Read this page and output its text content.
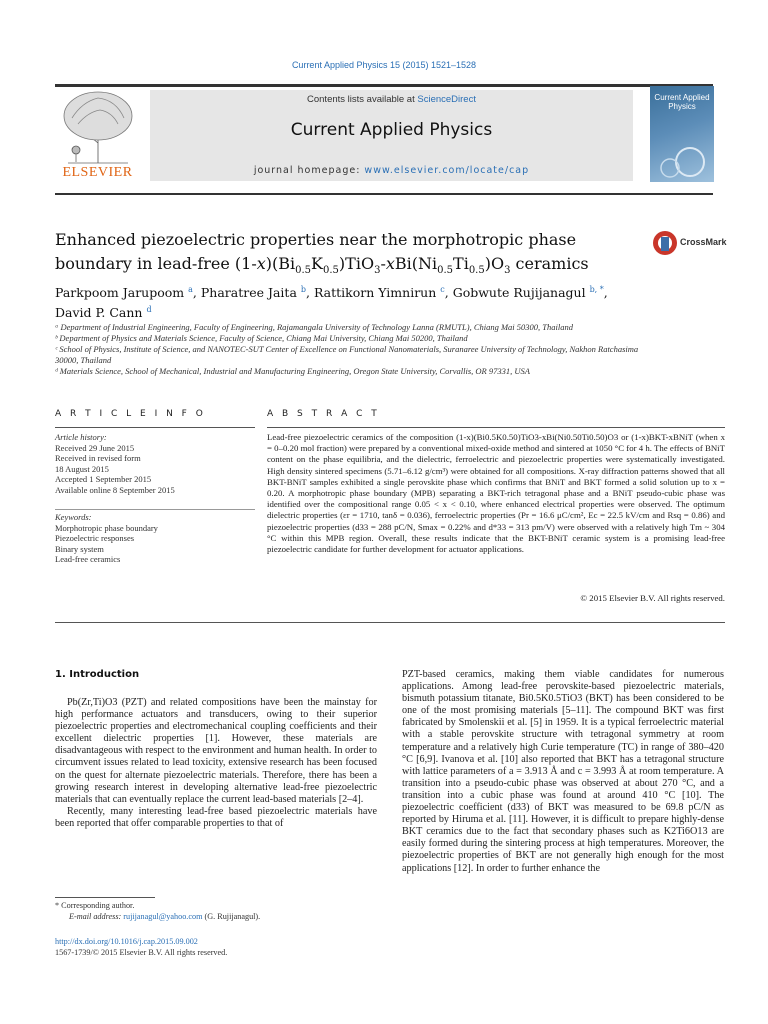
Current Applied Physics 15 (2015) 1521–1528
ELSEVIER
Contents lists available at ScienceDirect
Current Applied Physics
journal homepage: www.elsevier.com/locate/cap
Current Applied Physics
Enhanced piezoelectric properties near the morphotropic phase
boundary in lead-free $(1-x)(Bi_{0.5}K_{0.5})TiO_3-xBi(Ni_{0.5}Ti_{0.5})O_3$ ceramics
CrossMark
Parkpoom Jarupoom $^a$, Pharatree Jaita $^b$, Rattikorn Yimnirun $^c$, Gobwute Rujijanagul $^{b, *}$,
David P. Cann $^d$
ᵃ Department of Industrial Engineering, Faculty of Engineering, Rajamangala University of Technology Lanna (RMUTL), Chiang Mai 50300, Thailand
ᵇ Department of Physics and Materials Science, Faculty of Science, Chiang Mai University, Chiang Mai 50200, Thailand
ᶜ School of Physics, Institute of Science, and NANOTEC-SUT Center of Excellence on Functional Nanomaterials, Suranaree University of Technology, Nakhon Ratchasima 30000, Thailand
ᵈ Materials Science, School of Mechanical, Industrial and Manufacturing Engineering, Oregon State University, Corvallis, OR 97331, USA
A R T I C L E I N F O
Article history:
Received 29 June 2015
Received in revised form
18 August 2015
Accepted 1 September 2015
Available online 8 September 2015
Keywords:
Morphotropic phase boundary
Piezoelectric responses
Binary system
Lead-free ceramics
A B S T R A C T
Lead-free piezoelectric ceramics of the composition (1-x)(Bi0.5K0.50)TiO3-xBi(Ni0.50Ti0.50)O3 or (1-x)BKT-xBNiT (when x = 0–0.20 mol fraction) were prepared by a conventional mixed-oxide method and sintered at 1050 °C for 4 h. The effects of BNiT content on the phase equilibria, and the dielectric, ferroelectric and piezoelectric properties were systematically investigated. High density sintered specimens (5.71–6.12 g/cm³) were obtained for all compositions. X-ray diffraction patterns showed that all BKT-BNiT samples exhibited a single perovskite phase which confirms that BNiT and BKT formed a solid solution up to x = 0.20. A morphotropic phase boundary (MPB) separating a BKT-rich tetragonal phase and a BNiT pseudo-cubic phase was identified over the compositional range 0.05 < x < 0.10, where enhanced electrical properties were observed. The optimum dielectric properties (εr = 1710, tanδ = 0.036), ferroelectric properties (Pr = 16.6 μC/cm², Ec = 22.5 kV/cm and Rsq = 0.86) and piezoelectric properties (d33 = 288 pC/N, Smax = 0.22% and d*33 = 313 pm/V) were observed with a relatively high Tm ~ 304 °C within this MPB region. Overall, these results indicate that the BKT-BNiT ceramic system is a promising lead-free piezoelectric candidate for further development for actuator applications.
© 2015 Elsevier B.V. All rights reserved.
1. Introduction

Pb(Zr,Ti)O3 (PZT) and related compositions have been the mainstay for high performance actuators and transducers, owing to their superior piezoelectric properties and electromechanical coupling coefficients and their excellent dielectric properties [1]. However, these materials are disadvantageous with respect to the environment and human health. In order to circumvent issues related to lead toxicity, extensive research has been focused on the quest for alternate piezoelectric materials. Therefore, there has been a growing research interest in developing alternative lead-free piezoelectric materials that can eventually replace the current lead-based materials [2–4].

Recently, many interesting lead-free based piezoelectric materials have been reported that offer comparable properties to that of

PZT-based ceramics, making them viable candidates for numerous applications. Among lead-free perovskite-based piezoelectric materials, bismuth potassium titanate, Bi0.5K0.5TiO3 (BKT) has been considered to be one of the most promising materials [5–11]. The compound BKT was first fabricated by Smolenskii et al. [5] in 1959. It is a typical ferroelectric material with a stable perovskite structure with tetragonal symmetry at room temperature and a relatively high Curie temperature (TC) in range of 380–420 °C [6,9]. Ivanova et al. [10] also reported that BKT has a tetragonal structure with lattice parameters of a = 3.913 Å and c = 3.993 Å at room temperature. A transition into a pseudo-cubic phase was observed at about 270 °C, and a transition into a cubic phase was found at around 410 °C [10]. The piezoelectric coefficient (d33) of BKT was measured to be 69.8 pC/N as reported by Hiruma et al. [11]. However, it is difficult to prepare highly-dense BKT ceramics due to the fact that secondary phases such as K2Ti6O13 are easily formed during the sintering process at high temperatures. Moreover, the piezoelectric properties of BKT are not generally high enough for the most applications [12]. In order to further enhance the

* Corresponding author.
E-mail address: rujijanagul@yahoo.com (G. Rujijanagul).
http://dx.doi.org/10.1016/j.cap.2015.09.002
1567-1739/© 2015 Elsevier B.V. All rights reserved.
